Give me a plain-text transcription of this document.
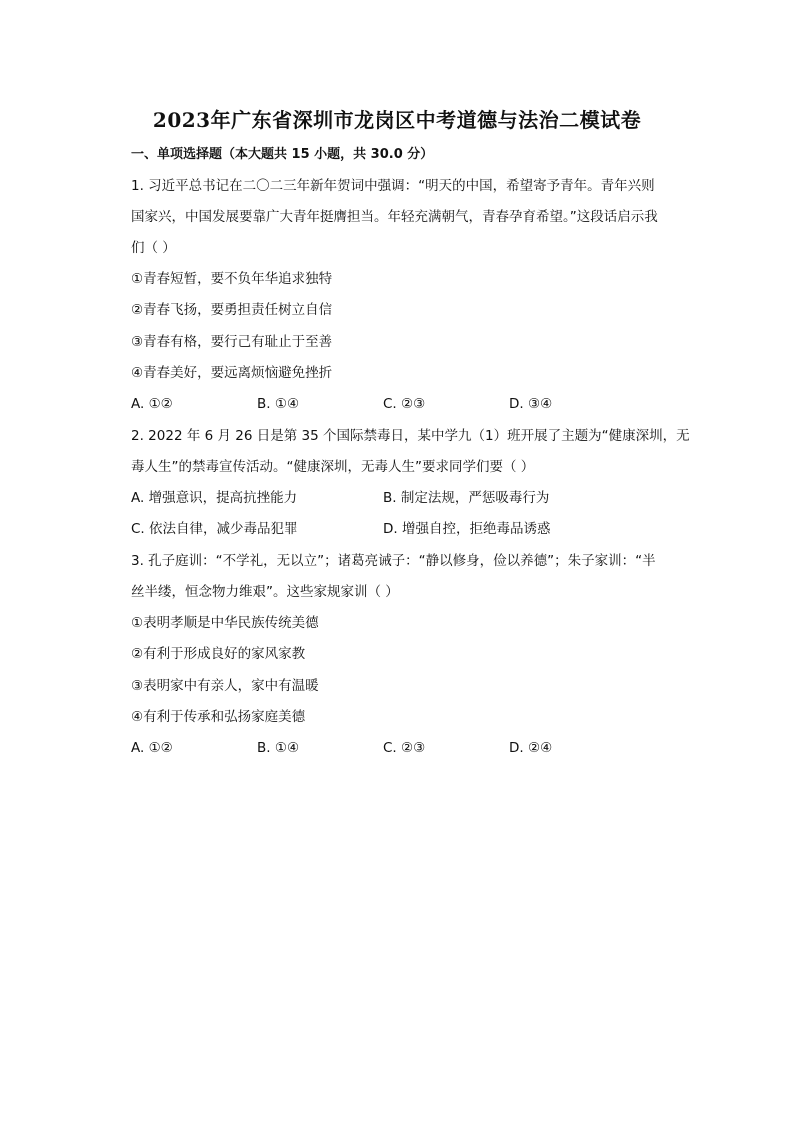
2023年广东省深圳市龙岗区中考道德与法治二模试卷
一、单项选择题（本大题共 15 小题，共 30.0 分）
1. 习近平总书记在二〇二三年新年贺词中强调：“明天的中国，希望寄予青年。青年兴则
国家兴，中国发展要靠广大青年挺膺担当。年轻充满朝气，青春孕育希望。”这段话启示我
们（ ）
①青春短暂，要不负年华追求独特
②青春飞扬，要勇担责任树立自信
③青春有格，要行己有耻止于至善
④青春美好，要远离烦恼避免挫折
A. ①②	B. ①④	C. ②③	D. ③④
2. 2022 年 6 月 26 日是第 35 个国际禁毒日，某中学九（1）班开展了主题为“健康深圳，无
毒人生”的禁毒宣传活动。“健康深圳，无毒人生”要求同学们要（ ）
A. 增强意识，提高抗挫能力	B. 制定法规，严惩吸毒行为
C. 依法自律，减少毒品犯罪	D. 增强自控，拒绝毒品诱惑
3. 孔子庭训：“不学礼，无以立”；诸葛亮诫子：“静以修身，俭以养德”；朱子家训：“半
丝半缕，恒念物力维艰”。这些家规家训（ ）
①表明孝顺是中华民族传统美德
②有利于形成良好的家风家教
③表明家中有亲人，家中有温暖
④有利于传承和弘扬家庭美德
A. ①②	B. ①④	C. ②③	D. ②④
